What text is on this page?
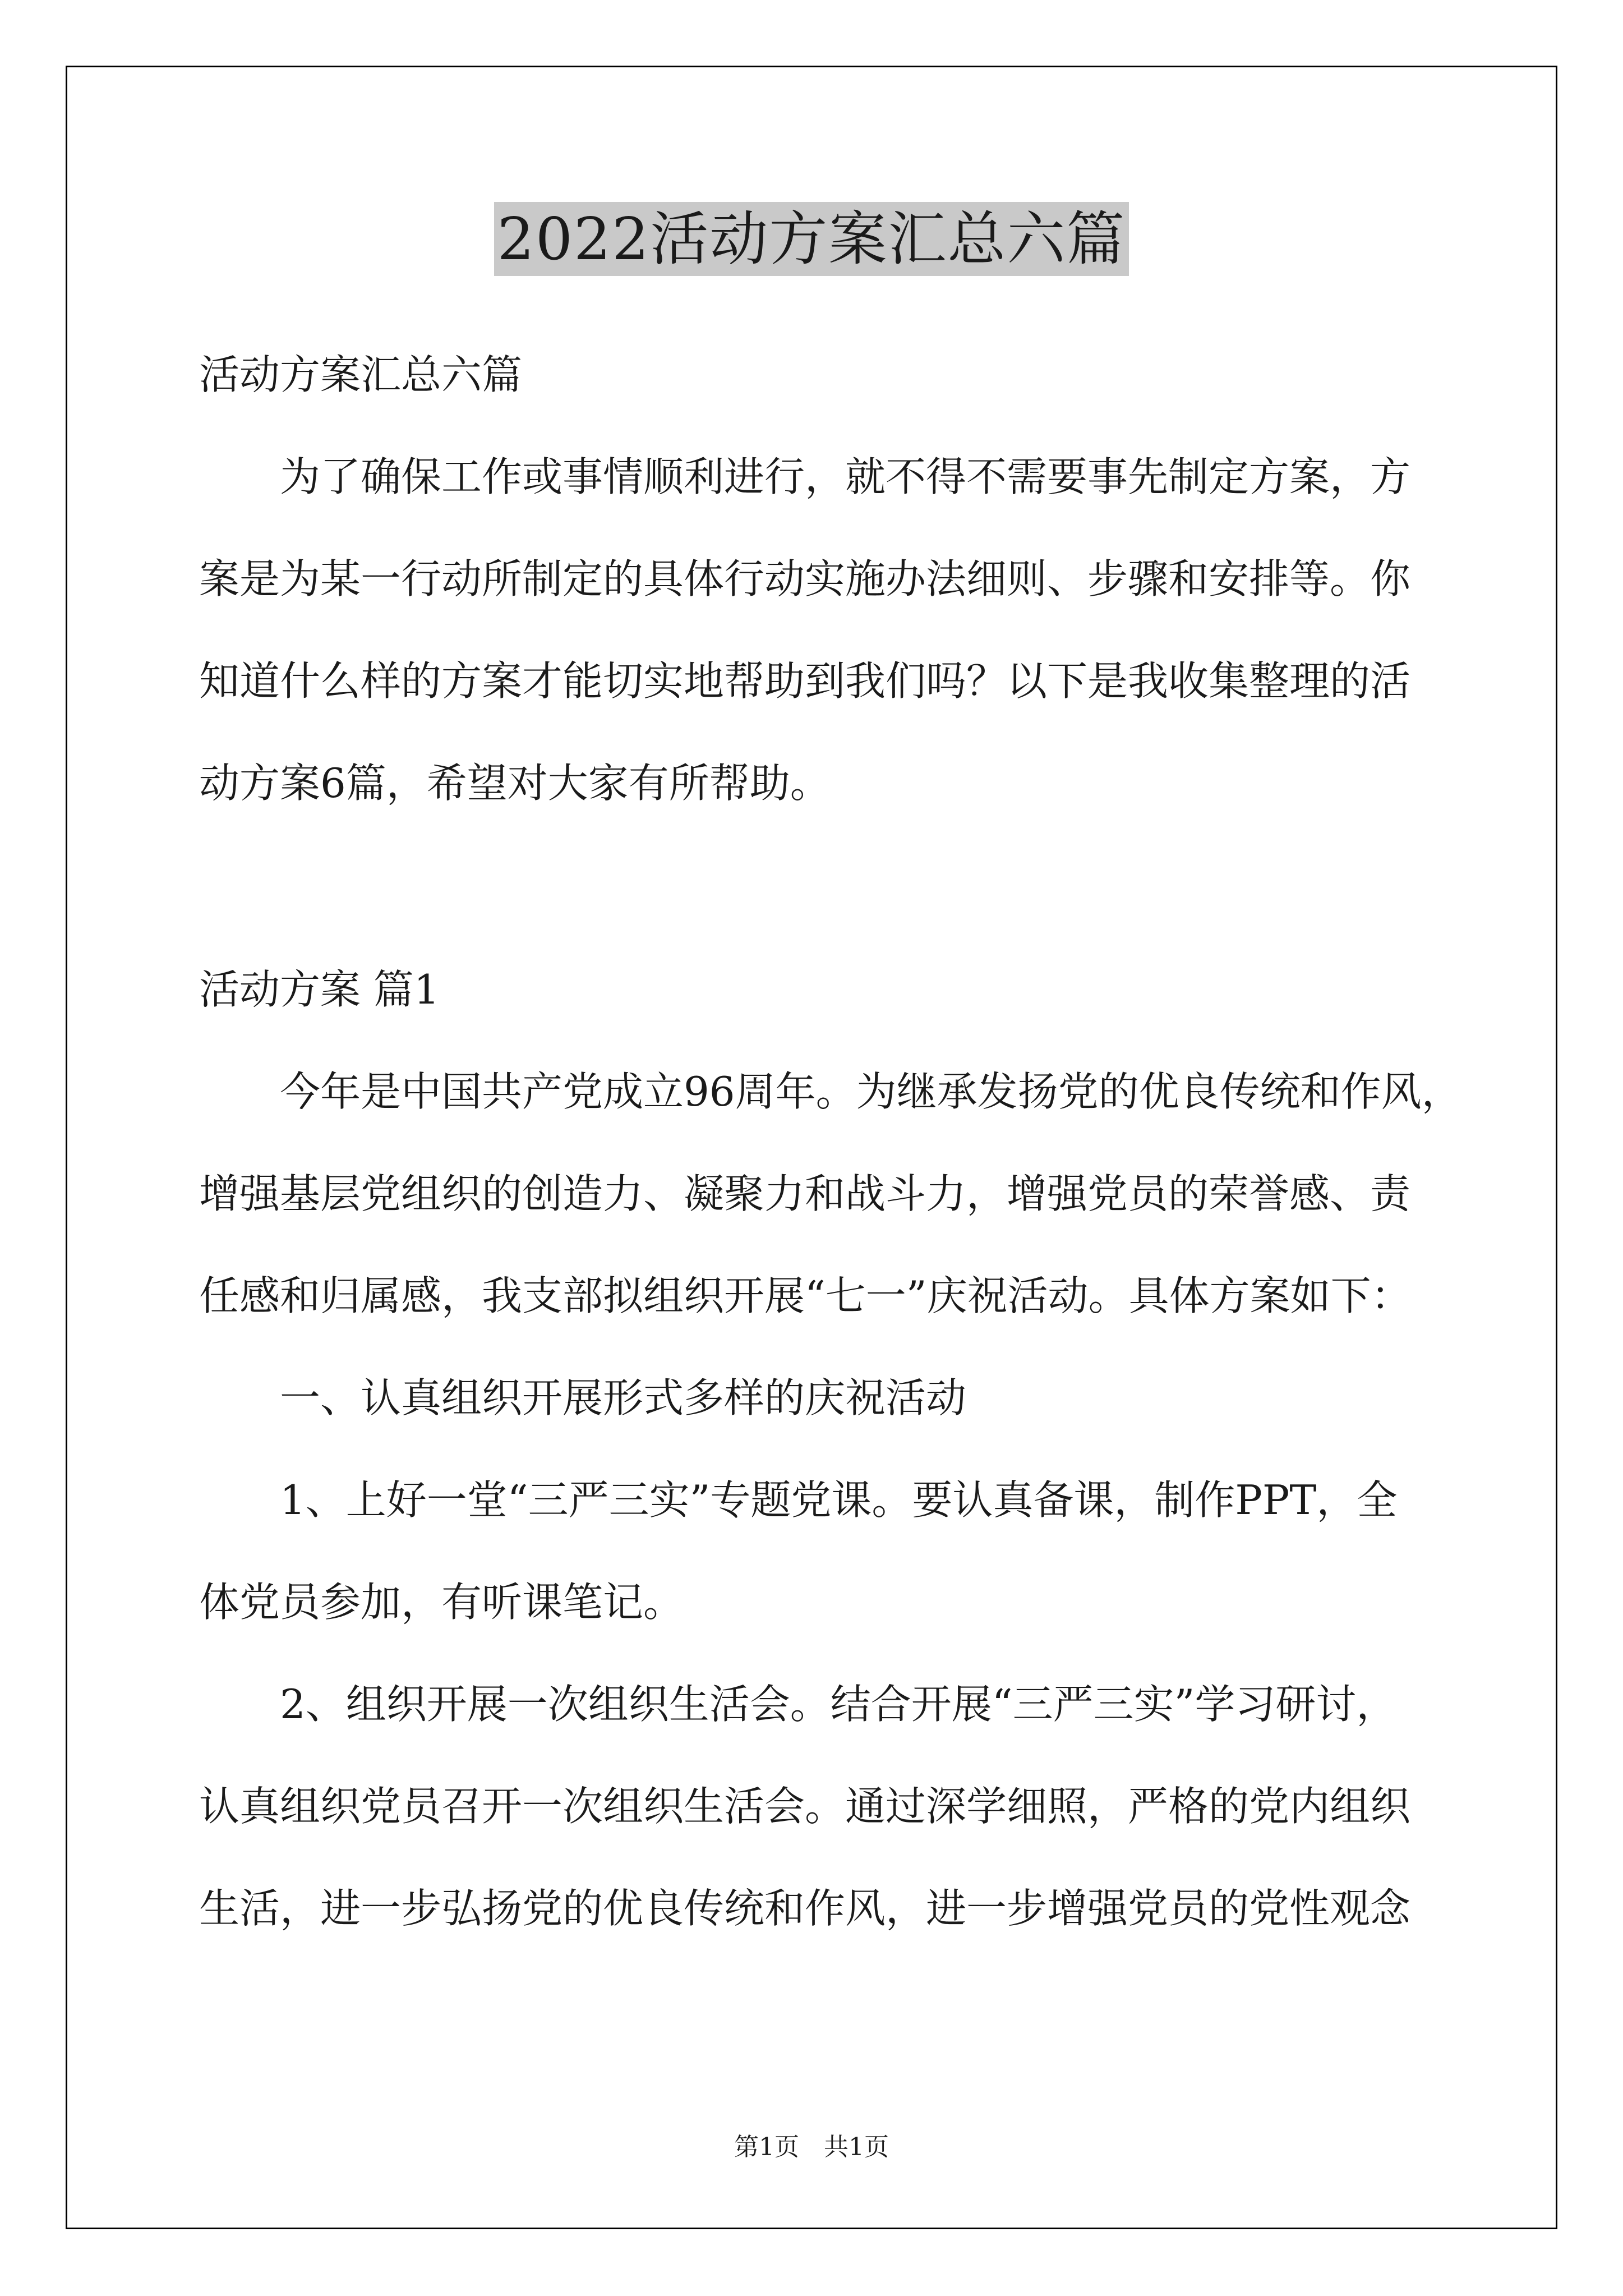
2022活动方案汇总六篇

活动方案汇总六篇

　　为了确保工作或事情顺利进行，就不得不需要事先制定方案，方

案是为某一行动所制定的具体行动实施办法细则、步骤和安排等。你

知道什么样的方案才能切实地帮助到我们吗？以下是我收集整理的活

动方案6篇，希望对大家有所帮助。

活动方案 篇1

　　今年是中国共产党成立96周年。为继承发扬党的优良传统和作风，

增强基层党组织的创造力、凝聚力和战斗力，增强党员的荣誉感、责

任感和归属感，我支部拟组织开展“七一”庆祝活动。具体方案如下：

　　一、认真组织开展形式多样的庆祝活动

　　1、上好一堂“三严三实”专题党课。要认真备课，制作PPT，全

体党员参加，有听课笔记。

　　2、组织开展一次组织生活会。结合开展“三严三实”学习研讨，

认真组织党员召开一次组织生活会。通过深学细照，严格的党内组织

生活，进一步弘扬党的优良传统和作风，进一步增强党员的党性观念

第1页　共1页
